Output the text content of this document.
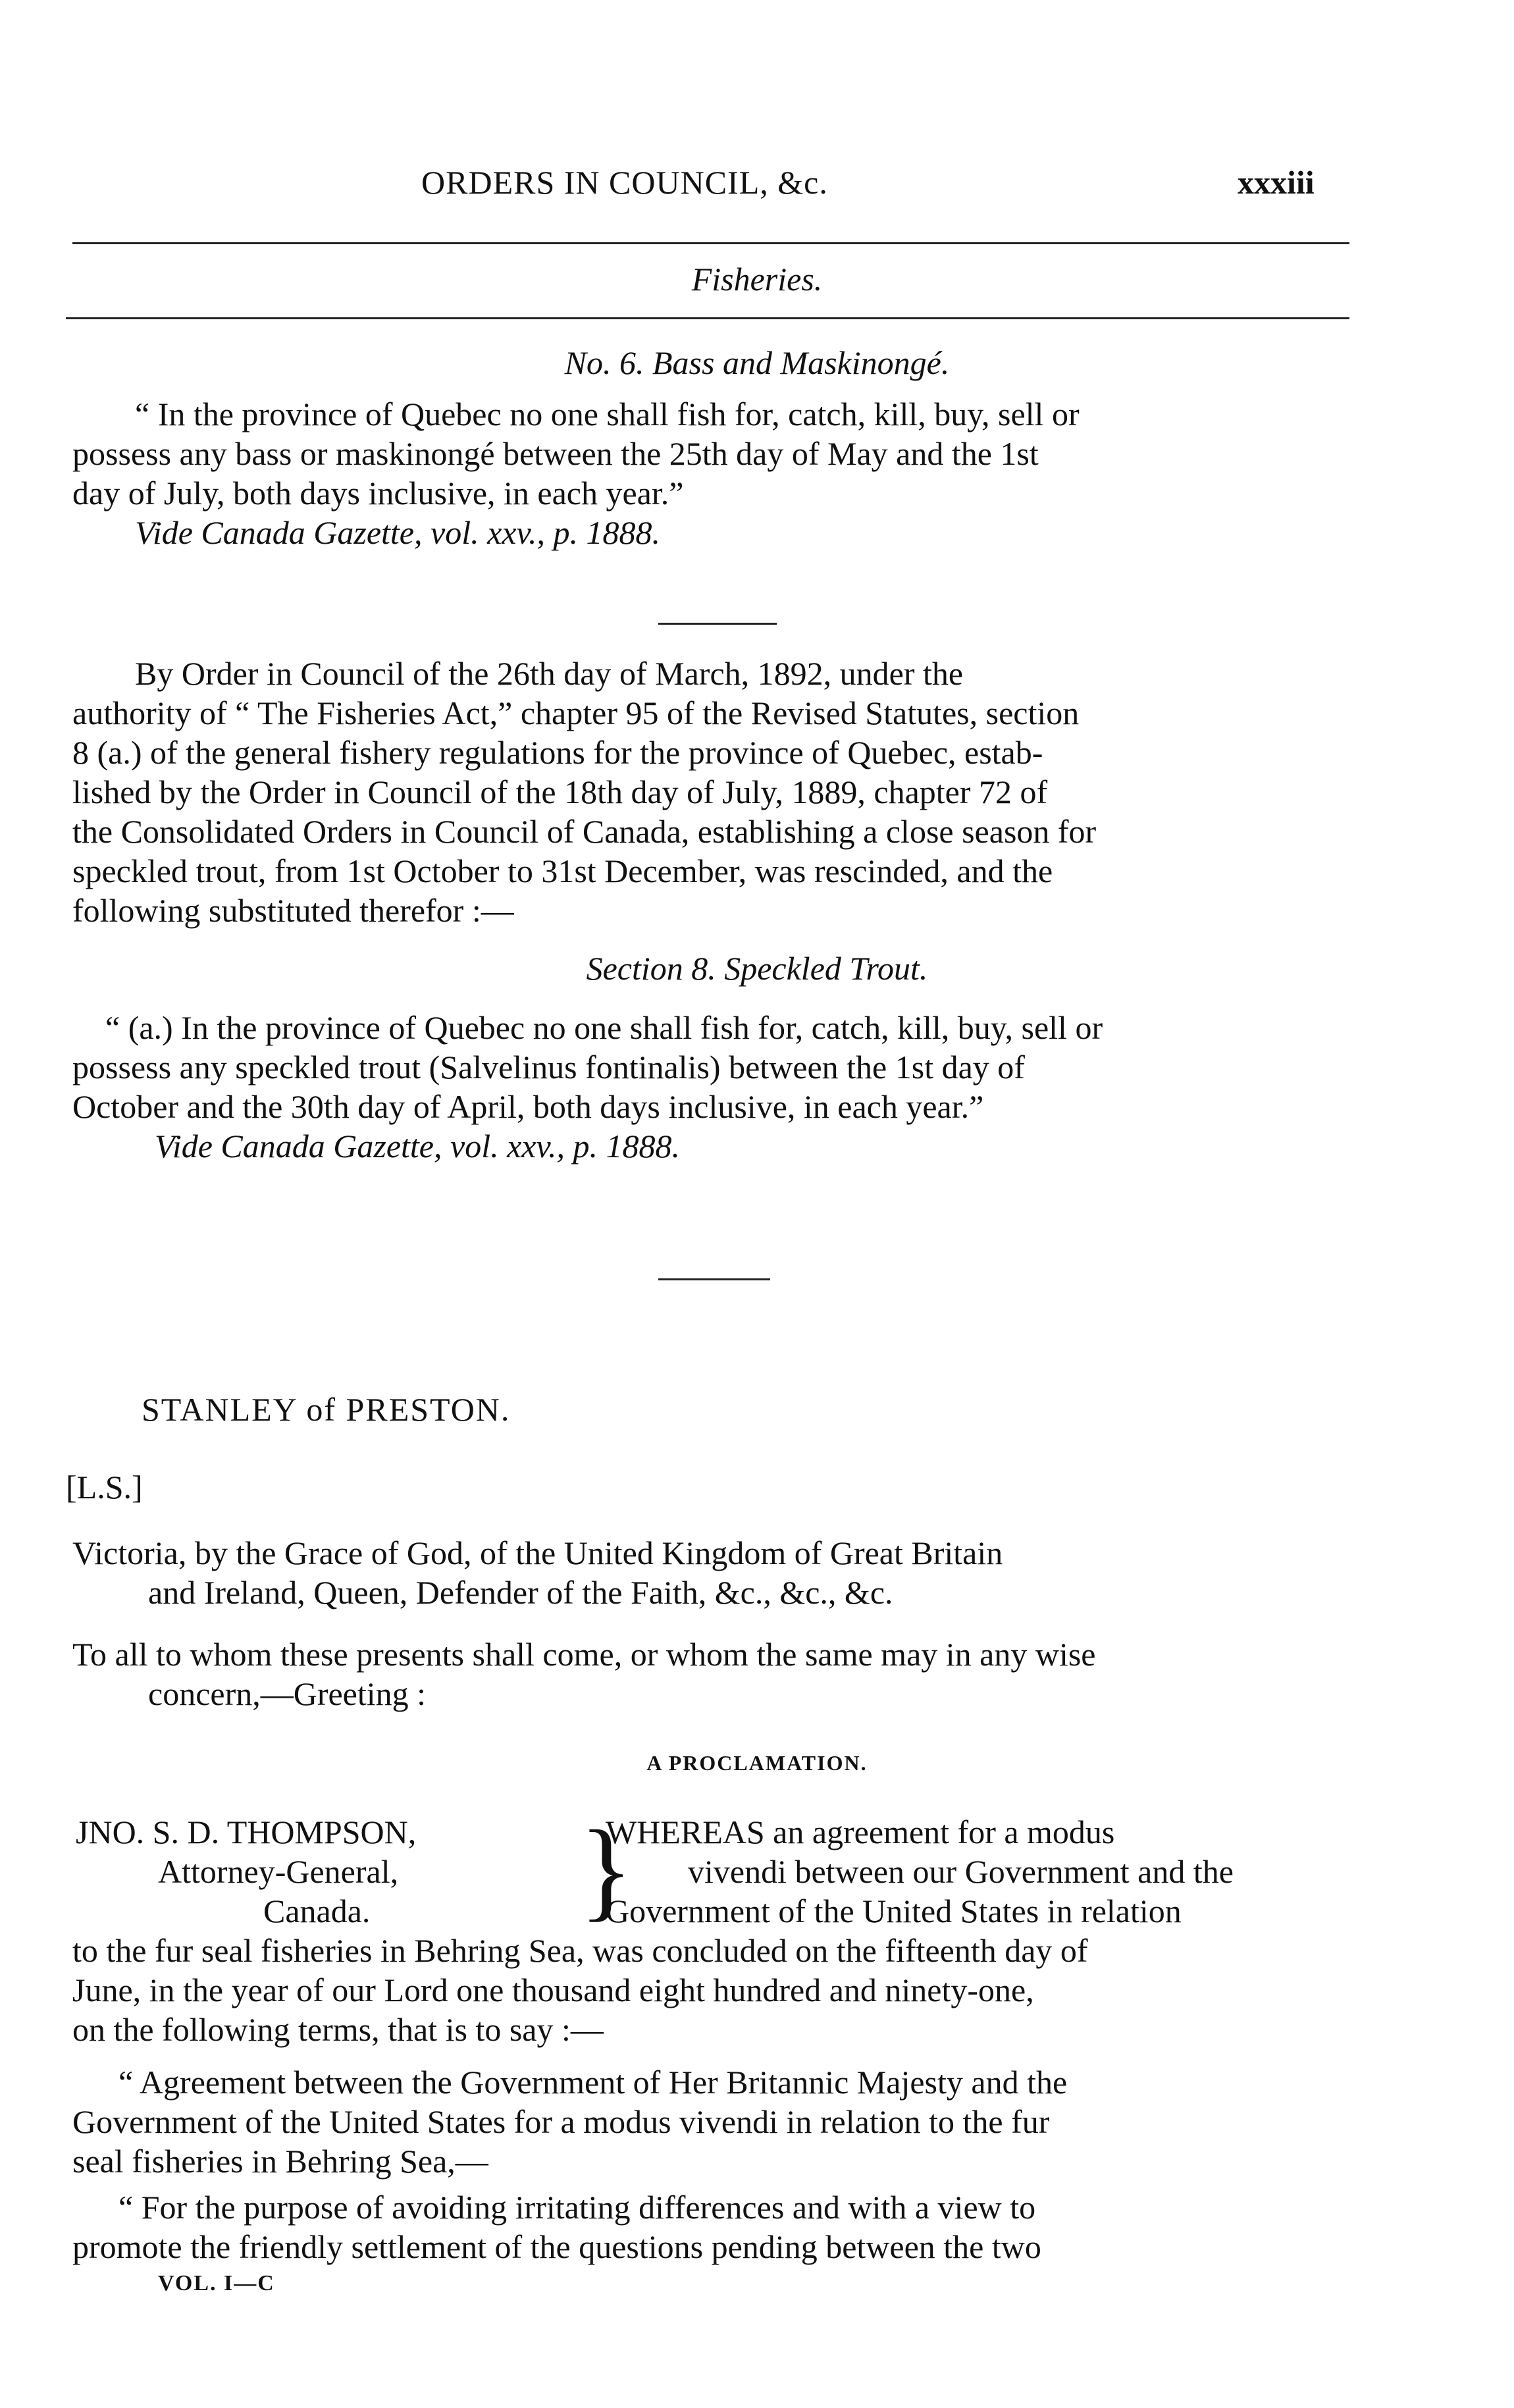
ORDERS IN COUNCIL, &c.	xxxiii
Fisheries.
No. 6. Bass and Maskinongé.
“ In the province of Quebec no one shall fish for, catch, kill, buy, sell or
possess any bass or maskinongé between the 25th day of May and the 1st
day of July, both days inclusive, in each year.”
Vide Canada Gazette, vol. xxv., p. 1888.
By Order in Council of the 26th day of March, 1892, under the
authority of “ The Fisheries Act,” chapter 95 of the Revised Statutes, section
8 (a.) of the general fishery regulations for the province of Quebec, estab-
lished by the Order in Council of the 18th day of July, 1889, chapter 72 of
the Consolidated Orders in Council of Canada, establishing a close season for
speckled trout, from 1st October to 31st December, was rescinded, and the
following substituted therefor :—
Section 8. Speckled Trout.
“ (a.) In the province of Quebec no one shall fish for, catch, kill, buy, sell or
possess any speckled trout (Salvelinus fontinalis) between the 1st day of
October and the 30th day of April, both days inclusive, in each year.”
Vide Canada Gazette, vol. xxv., p. 1888.
STANLEY of PRESTON.
[L.S.]
Victoria, by the Grace of God, of the United Kingdom of Great Britain
and Ireland, Queen, Defender of the Faith, &c., &c., &c.
To all to whom these presents shall come, or whom the same may in any wise
concern,—Greeting :
A PROCLAMATION.
JNO. S. D. THOMPSON,
Attorney-General,
Canada.	}
WHEREAS an agreement for a modus
vivendi between our Government and the
Government of the United States in relation
to the fur seal fisheries in Behring Sea, was concluded on the fifteenth day of
June, in the year of our Lord one thousand eight hundred and ninety-one,
on the following terms, that is to say :—
“ Agreement between the Government of Her Britannic Majesty and the
Government of the United States for a modus vivendi in relation to the fur
seal fisheries in Behring Sea,—
“ For the purpose of avoiding irritating differences and with a view to
promote the friendly settlement of the questions pending between the two
VOL. I—C
